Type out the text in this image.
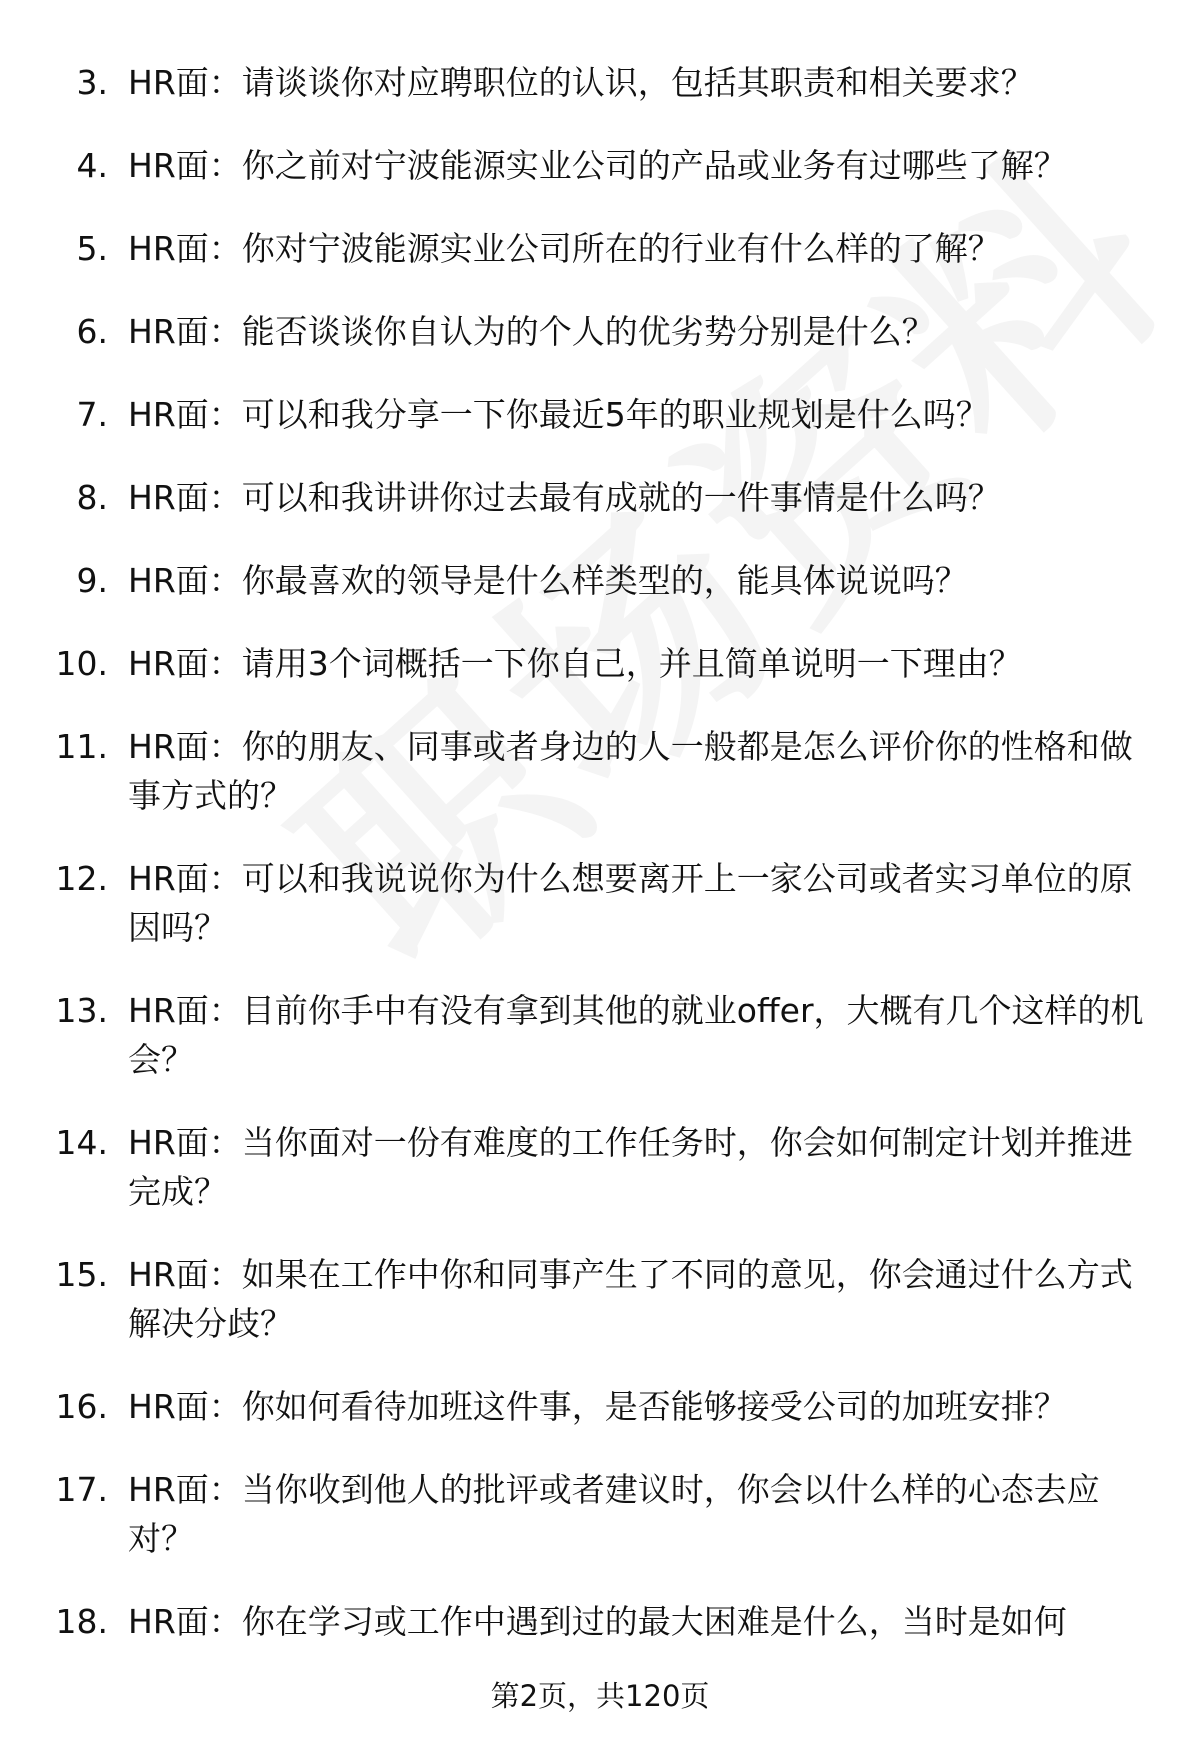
3. HR面：请谈谈你对应聘职位的认识，包括其职责和相关要求？
4. HR面：你之前对宁波能源实业公司的产品或业务有过哪些了解？
5. HR面：你对宁波能源实业公司所在的行业有什么样的了解？
6. HR面：能否谈谈你自认为的个人的优劣势分别是什么？
7. HR面：可以和我分享一下你最近5年的职业规划是什么吗？
8. HR面：可以和我讲讲你过去最有成就的一件事情是什么吗？
9. HR面：你最喜欢的领导是什么样类型的，能具体说说吗？
10. HR面：请用3个词概括一下你自己，并且简单说明一下理由？
11. HR面：你的朋友、同事或者身边的人一般都是怎么评价你的性格和做事方式的？
12. HR面：可以和我说说你为什么想要离开上一家公司或者实习单位的原因吗？
13. HR面：目前你手中有没有拿到其他的就业offer，大概有几个这样的机会？
14. HR面：当你面对一份有难度的工作任务时，你会如何制定计划并推进完成？
15. HR面：如果在工作中你和同事产生了不同的意见，你会通过什么方式解决分歧？
16. HR面：你如何看待加班这件事，是否能够接受公司的加班安排？
17. HR面：当你收到他人的批评或者建议时，你会以什么样的心态去应对？
18. HR面：你在学习或工作中遇到过的最大困难是什么，当时是如何
第2页，共120页
